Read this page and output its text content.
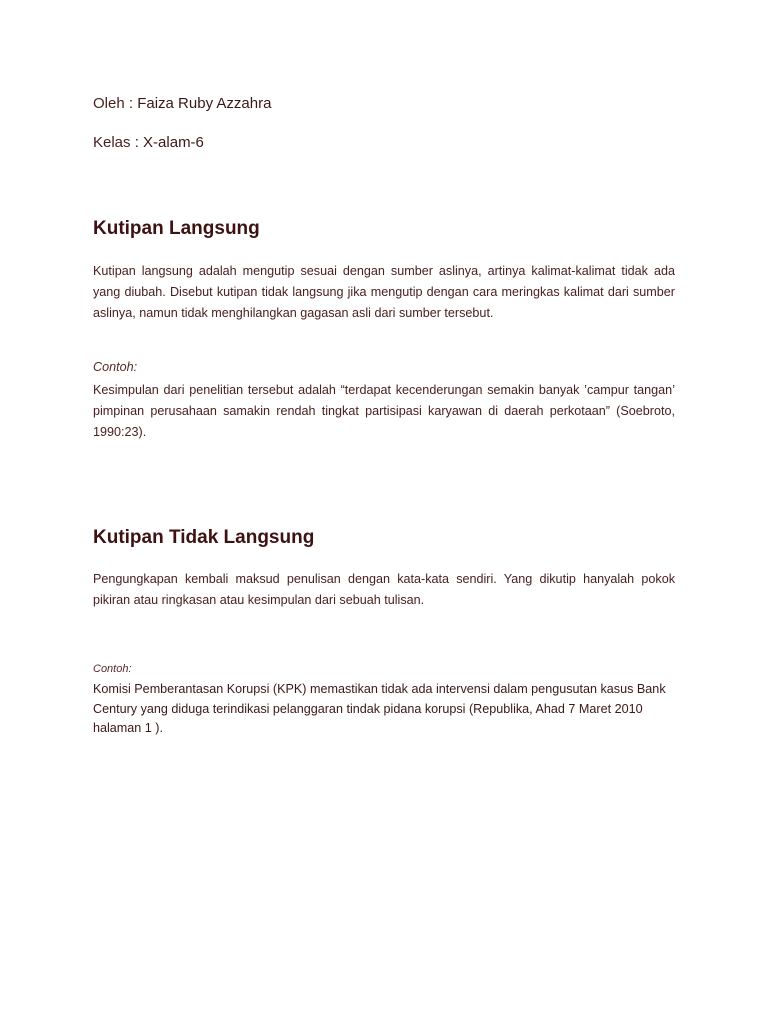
Oleh : Faiza Ruby Azzahra
Kelas : X-alam-6
Kutipan Langsung

Kutipan langsung adalah mengutip sesuai dengan sumber aslinya, artinya kalimat-kalimat tidak ada yang diubah. Disebut kutipan tidak langsung jika mengutip dengan cara meringkas kalimat dari sumber aslinya, namun tidak menghilangkan gagasan asli dari sumber tersebut.

Contoh:

Kesimpulan dari penelitian tersebut adalah “terdapat kecenderungan semakin banyak ’campur tangan’ pimpinan perusahaan samakin rendah tingkat partisipasi karyawan di daerah perkotaan” (Soebroto, 1990:23).

Kutipan Tidak Langsung

Pengungkapan kembali maksud penulisan dengan kata-kata sendiri. Yang dikutip hanyalah pokok pikiran atau ringkasan atau kesimpulan dari sebuah tulisan.

Contoh:

Komisi Pemberantasan Korupsi (KPK) memastikan tidak ada intervensi dalam pengusutan kasus Bank Century yang diduga terindikasi pelanggaran tindak pidana korupsi (Republika, Ahad 7 Maret 2010 halaman 1 ).
